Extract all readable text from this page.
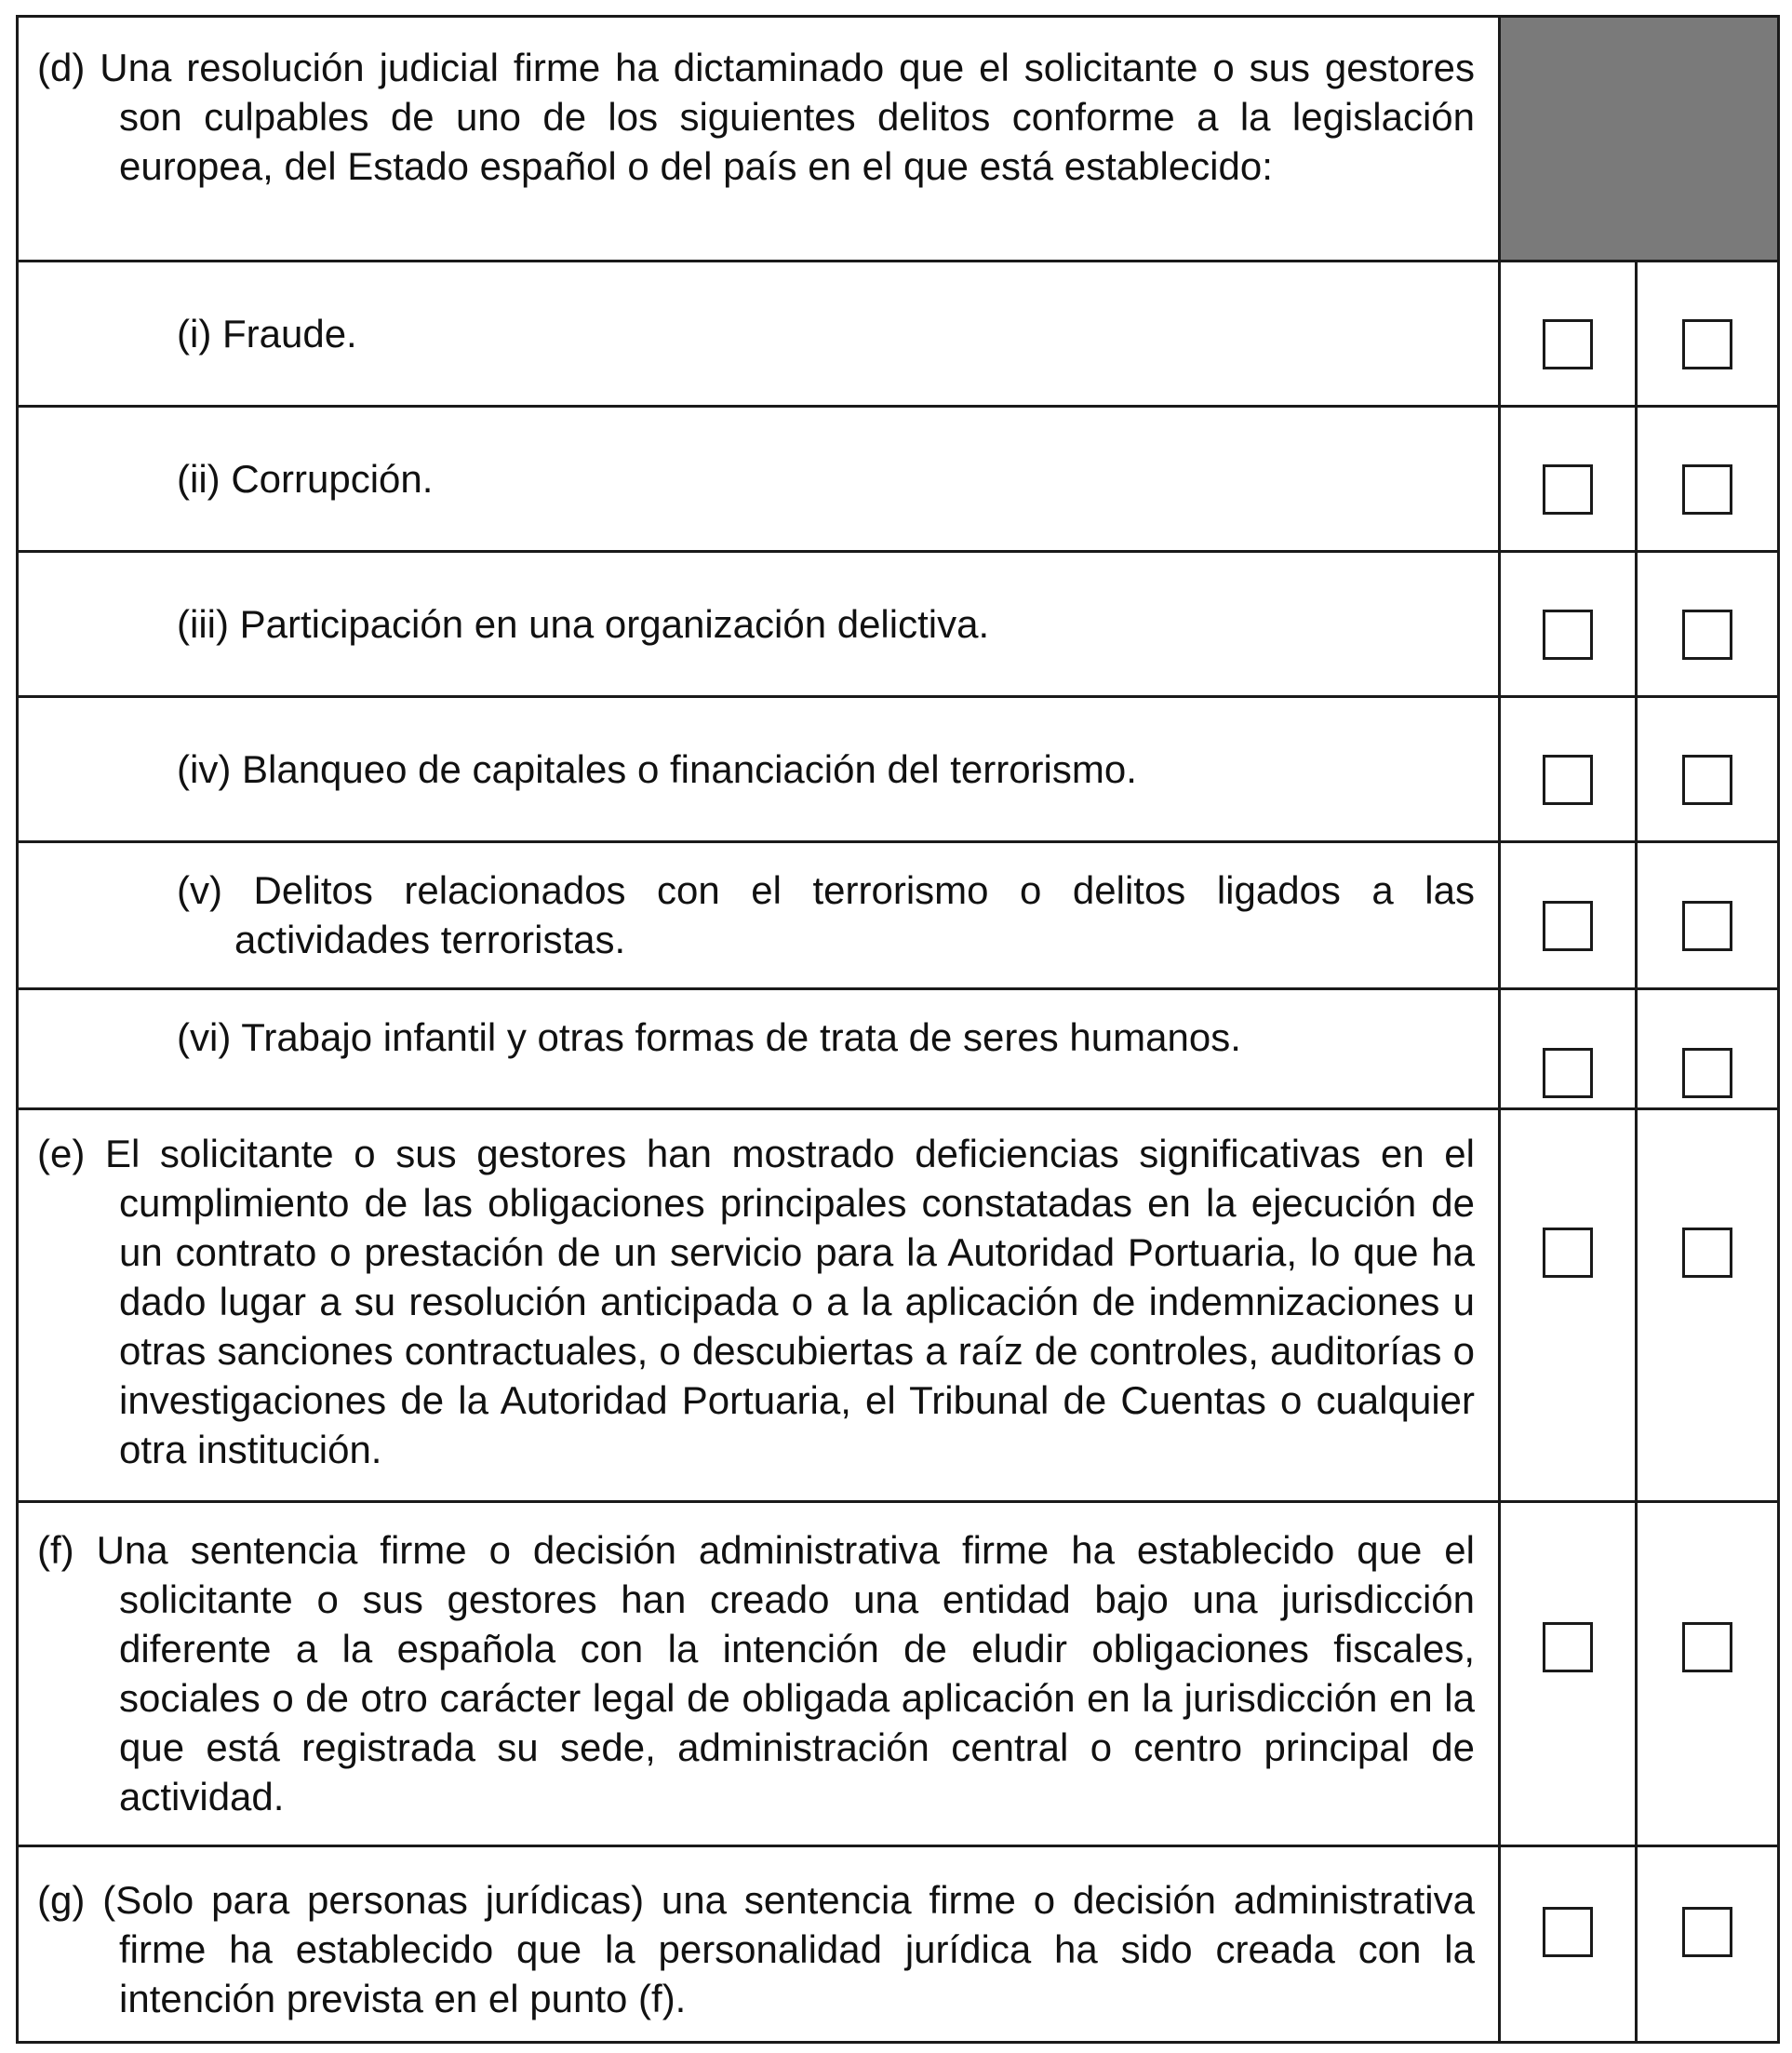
(d) Una resolución judicial firme ha dictaminado que el solicitante o sus gestores son culpables de uno de los siguientes delitos conforme a la legislación europea, del Estado español o del país en el que está establecido:		

(i) Fraude.		

(ii) Corrupción.		

(iii) Participación en una organización delictiva.		

(iv) Blanqueo de capitales o financiación del terrorismo.		

(v) Delitos relacionados con el terrorismo o delitos ligados a las actividades terroristas.		

(vi) Trabajo infantil y otras formas de trata de seres humanos.		

(e) El solicitante o sus gestores han mostrado deficiencias significativas en el cumplimiento de las obligaciones principales constatadas en la ejecución de un contrato o prestación de un servicio para la Autoridad Portuaria, lo que ha dado lugar a su resolución anticipada o a la aplicación de indemnizaciones u otras sanciones contractuales, o descubiertas a raíz de controles, auditorías o investigaciones de la Autoridad Portuaria, el Tribunal de Cuentas o cualquier otra institución.		

(f) Una sentencia firme o decisión administrativa firme ha establecido que el solicitante o sus gestores han creado una entidad bajo una jurisdicción diferente a la española con la intención de eludir obligaciones fiscales, sociales o de otro carácter legal de obligada aplicación en la jurisdicción en la que está registrada su sede, administración central o centro principal de actividad.		

(g) (Solo para personas jurídicas) una sentencia firme o decisión administrativa firme ha establecido que la personalidad jurídica ha sido creada con la intención prevista en el punto (f).		
